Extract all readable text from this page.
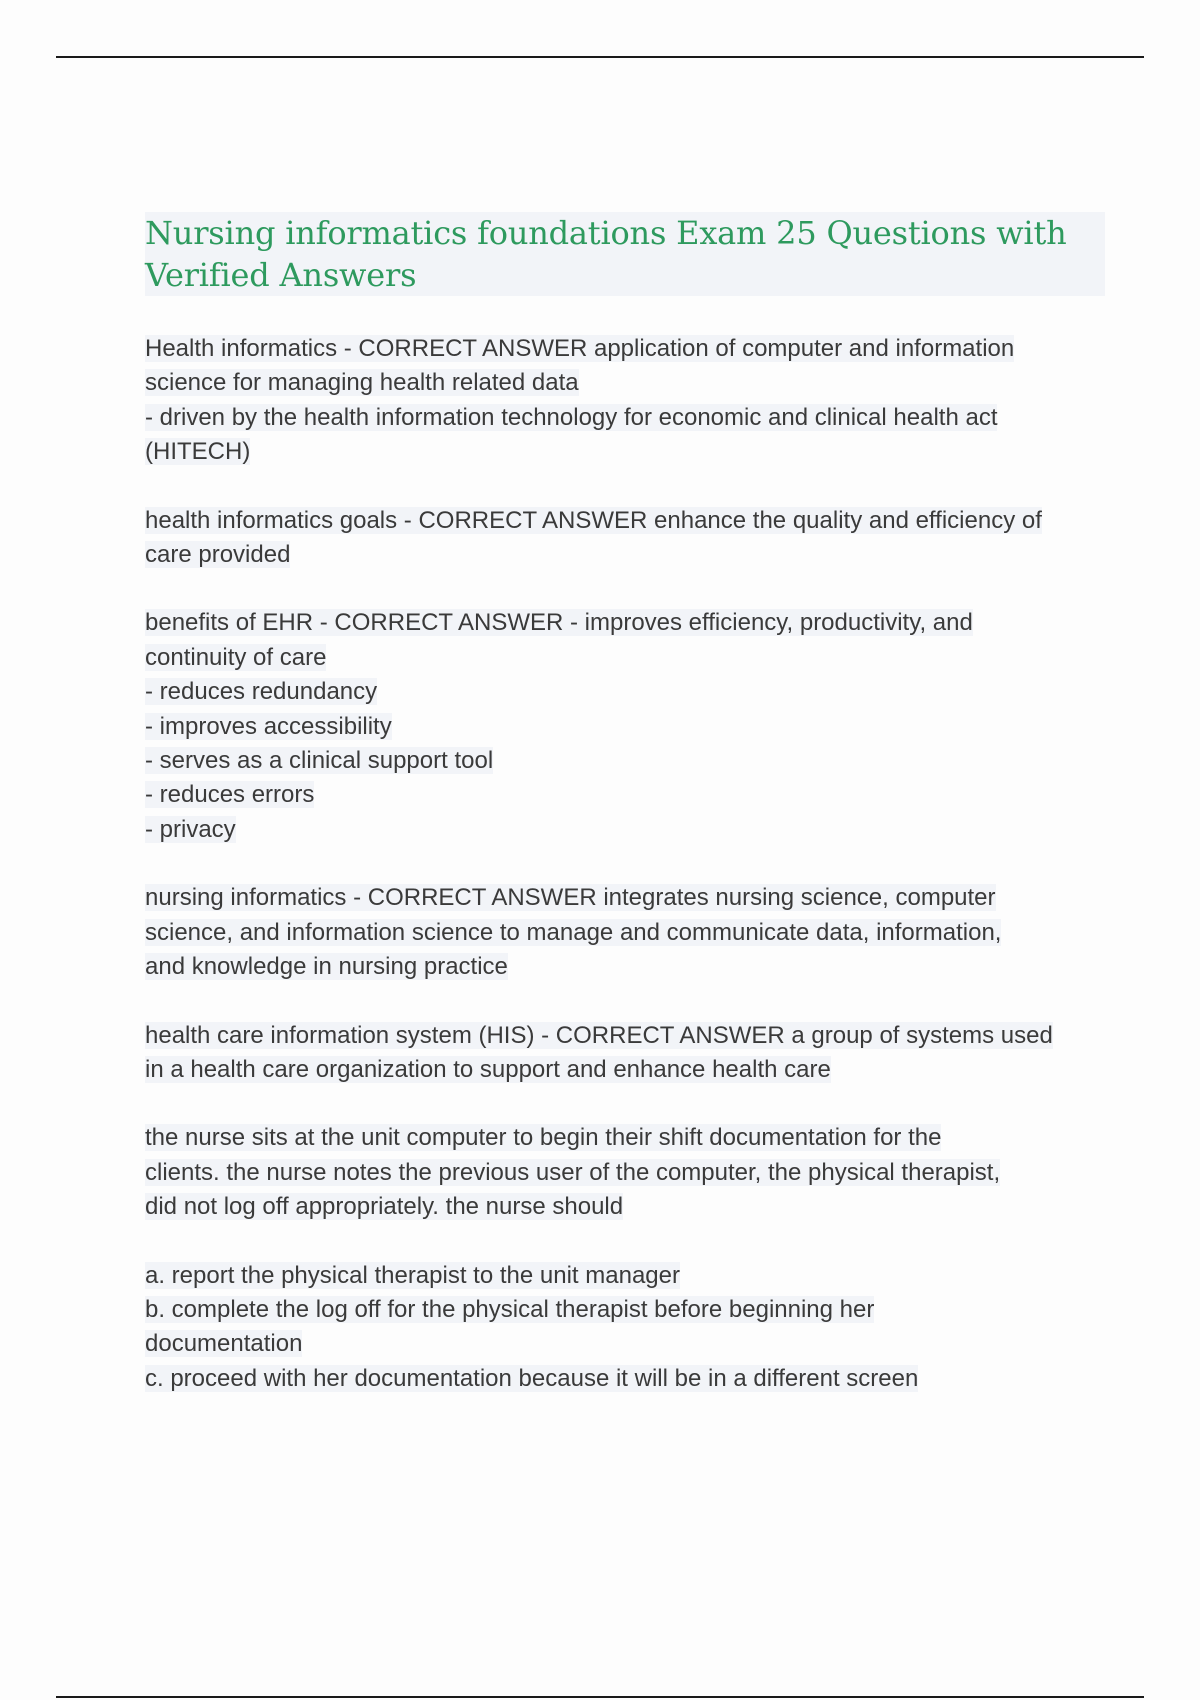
Nursing informatics foundations Exam 25 Questions with
Verified Answers

Health informatics - CORRECT ANSWER application of computer and information
science for managing health related data
- driven by the health information technology for economic and clinical health act
(HITECH)

health informatics goals - CORRECT ANSWER enhance the quality and efficiency of
care provided

benefits of EHR - CORRECT ANSWER - improves efficiency, productivity, and
continuity of care
- reduces redundancy
- improves accessibility
- serves as a clinical support tool
- reduces errors
- privacy

nursing informatics - CORRECT ANSWER integrates nursing science, computer
science, and information science to manage and communicate data, information,
and knowledge in nursing practice

health care information system (HIS) - CORRECT ANSWER a group of systems used
in a health care organization to support and enhance health care

the nurse sits at the unit computer to begin their shift documentation for the
clients. the nurse notes the previous user of the computer, the physical therapist,
did not log off appropriately. the nurse should

a. report the physical therapist to the unit manager
b. complete the log off for the physical therapist before beginning her
documentation
c. proceed with her documentation because it will be in a different screen
